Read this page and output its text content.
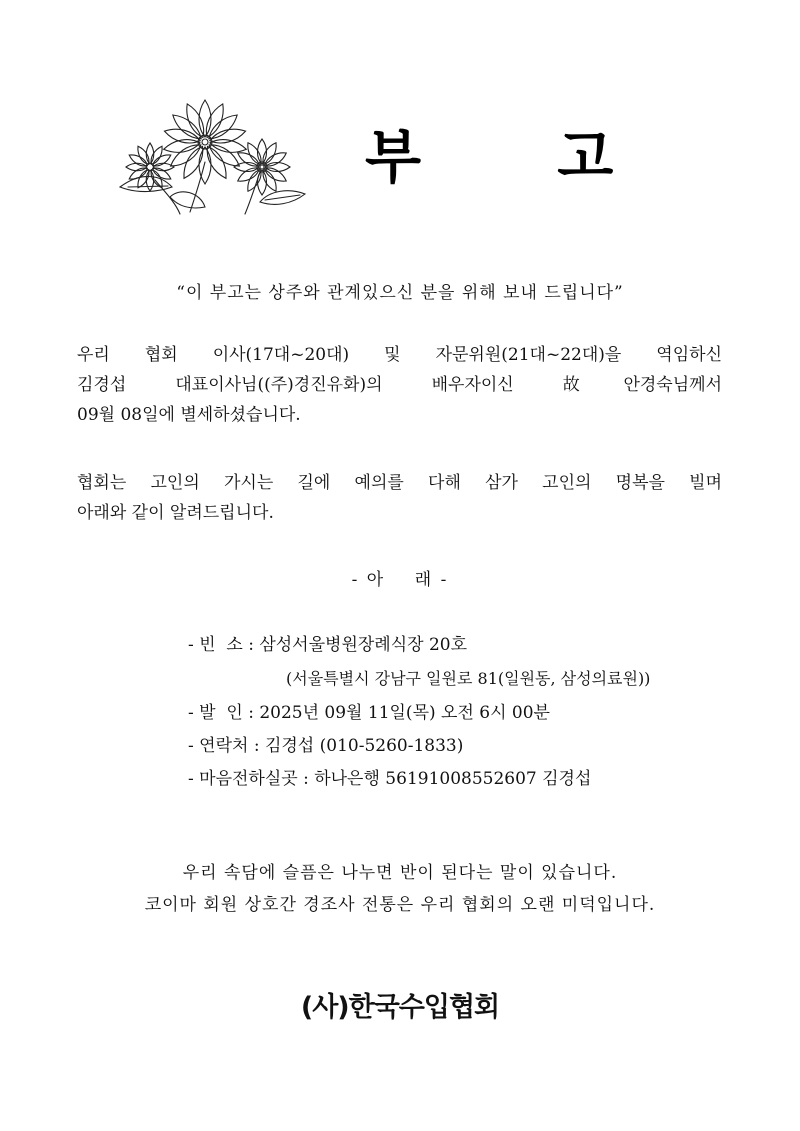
부 고
“이 부고는 상주와 관계있으신 분을 위해 보내 드립니다”

우리 협회 이사(17대~20대) 및 자문위원(21대~22대)을 역임하신
김경섭 대표이사님((주)경진유화)의 배우자이신 故안경숙님께서
09월 08일에 별세하셨습니다.

협회는 고인의 가시는 길에 예의를 다해 삼가 고인의 명복을 빌며
아래와 같이 알려드립니다.

- 아    래 -
- 빈  소 : 삼성서울병원장례식장 20호
(서울특별시 강남구 일원로 81(일원동, 삼성의료원))
- 발  인 : 2025년 09월 11일(목) 오전 6시 00분
- 연락처 : 김경섭 (010-5260-1833)
- 마음전하실곳 : 하나은행 56191008552607 김경섭
우리 속담에 슬픔은 나누면 반이 된다는 말이 있습니다.
코이마 회원 상호간 경조사 전통은 우리 협회의 오랜 미덕입니다.
(사)한국수입협회
